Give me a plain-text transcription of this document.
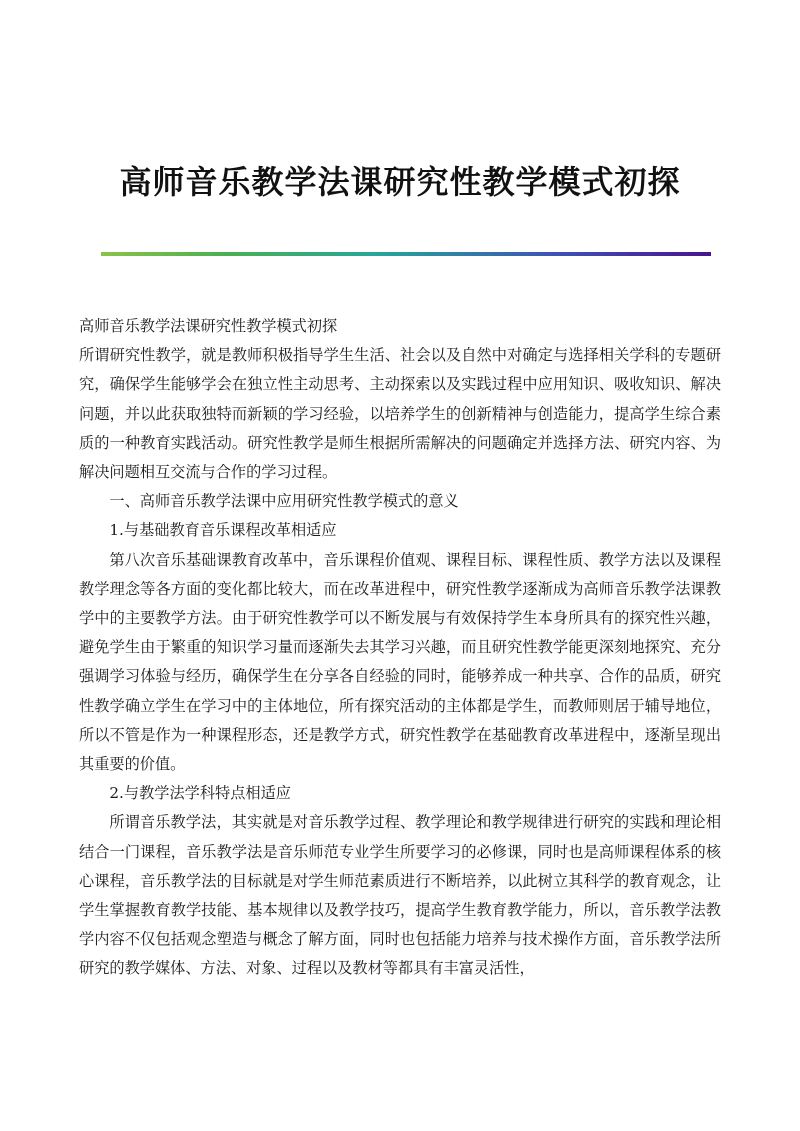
高师音乐教学法课研究性教学模式初探

高师音乐教学法课研究性教学模式初探

所谓研究性教学，就是教师积极指导学生生活、社会以及自然中对确定与选择相关学科的专题研究，确保学生能够学会在独立性主动思考、主动探索以及实践过程中应用知识、吸收知识、解决问题，并以此获取独特而新颖的学习经验，以培养学生的创新精神与创造能力，提高学生综合素质的一种教育实践活动。研究性教学是师生根据所需解决的问题确定并选择方法、研究内容、为解决问题相互交流与合作的学习过程。

一、高师音乐教学法课中应用研究性教学模式的意义

1.与基础教育音乐课程改革相适应

第八次音乐基础课教育改革中，音乐课程价值观、课程目标、课程性质、教学方法以及课程教学理念等各方面的变化都比较大，而在改革进程中，研究性教学逐渐成为高师音乐教学法课教学中的主要教学方法。由于研究性教学可以不断发展与有效保持学生本身所具有的探究性兴趣，避免学生由于繁重的知识学习量而逐渐失去其学习兴趣，而且研究性教学能更深刻地探究、充分强调学习体验与经历，确保学生在分享各自经验的同时，能够养成一种共享、合作的品质，研究性教学确立学生在学习中的主体地位，所有探究活动的主体都是学生，而教师则居于辅导地位，所以不管是作为一种课程形态，还是教学方式，研究性教学在基础教育改革进程中，逐渐呈现出其重要的价值。

2.与教学法学科特点相适应

所谓音乐教学法，其实就是对音乐教学过程、教学理论和教学规律进行研究的实践和理论相结合一门课程，音乐教学法是音乐师范专业学生所要学习的必修课，同时也是高师课程体系的核心课程，音乐教学法的目标就是对学生师范素质进行不断培养，以此树立其科学的教育观念，让学生掌握教育教学技能、基本规律以及教学技巧，提高学生教育教学能力，所以，音乐教学法教学内容不仅包括观念塑造与概念了解方面，同时也包括能力培养与技术操作方面，音乐教学法所研究的教学媒体、方法、对象、过程以及教材等都具有丰富灵活性，
